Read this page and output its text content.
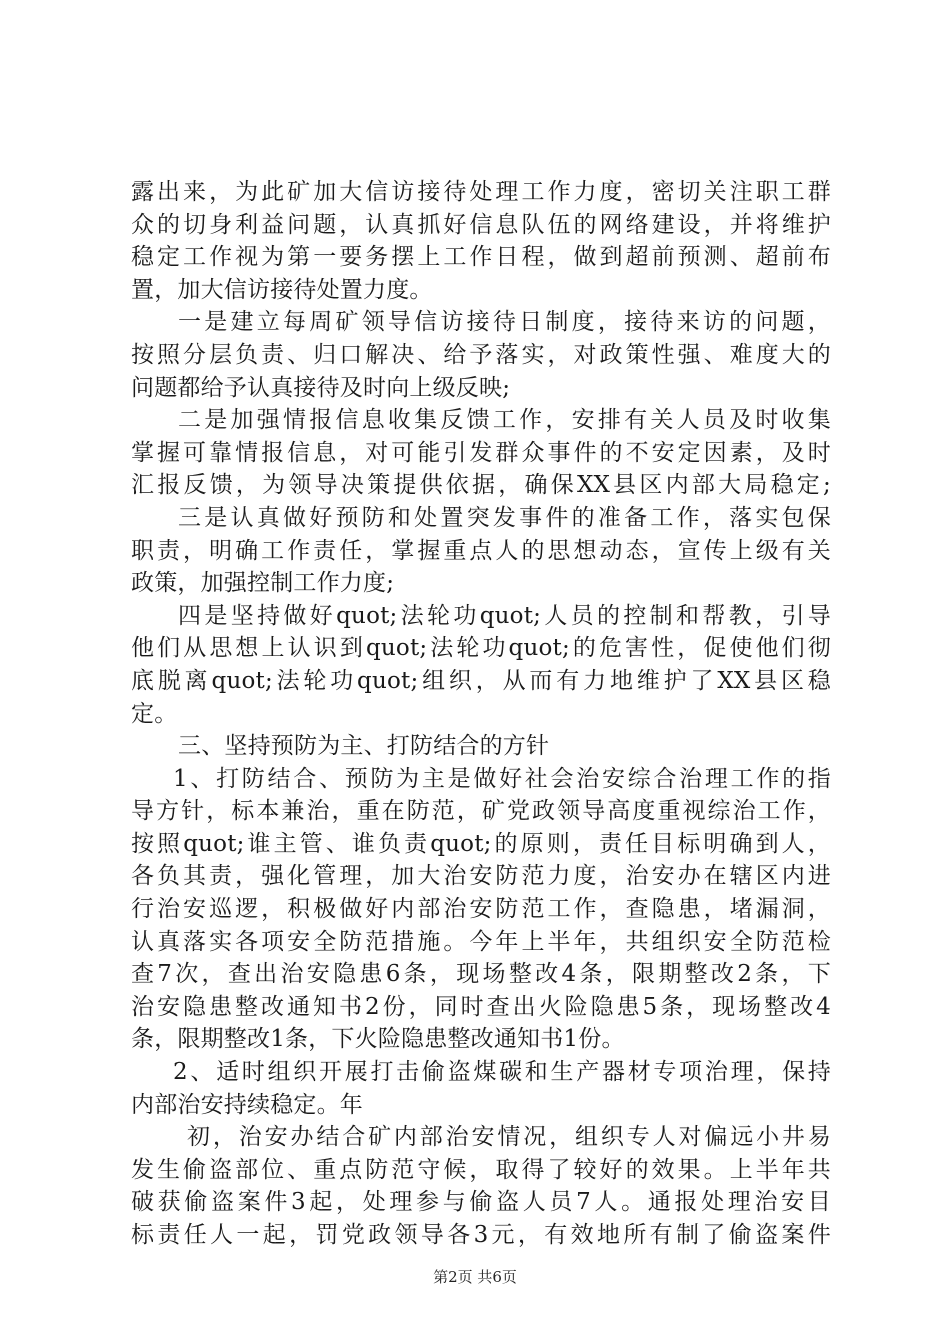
露出来，为此矿加大信访接待处理工作力度，密切关注职工群
众的切身利益问题，认真抓好信息队伍的网络建设，并将维护
稳定工作视为第一要务摆上工作日程，做到超前预测、超前布
置，加大信访接待处置力度。
一是建立每周矿领导信访接待日制度，接待来访的问题，
按照分层负责、归口解决、给予落实，对政策性强、难度大的
问题都给予认真接待及时向上级反映;
二是加强情报信息收集反馈工作，安排有关人员及时收集
掌握可靠情报信息，对可能引发群众事件的不安定因素，及时
汇报反馈，为领导决策提供依据，确保XX县区内部大局稳定;
三是认真做好预防和处置突发事件的准备工作，落实包保
职责，明确工作责任，掌握重点人的思想动态，宣传上级有关
政策，加强控制工作力度;
四是坚持做好quot;法轮功quot;人员的控制和帮教，引导
他们从思想上认识到quot;法轮功quot;的危害性，促使他们彻
底脱离quot;法轮功quot;组织，从而有力地维护了XX县区稳
定。
三、坚持预防为主、打防结合的方针
1、打防结合、预防为主是做好社会治安综合治理工作的指
导方针，标本兼治，重在防范，矿党政领导高度重视综治工作，
按照quot;谁主管、谁负责quot;的原则，责任目标明确到人，
各负其责，强化管理，加大治安防范力度，治安办在辖区内进
行治安巡逻，积极做好内部治安防范工作，查隐患，堵漏洞，
认真落实各项安全防范措施。今年上半年，共组织安全防范检
查7次，查出治安隐患6条，现场整改4条，限期整改2条，下
治安隐患整改通知书2份，同时查出火险隐患5条，现场整改4
条，限期整改1条，下火险隐患整改通知书1份。
2、适时组织开展打击偷盗煤碳和生产器材专项治理，保持
内部治安持续稳定。年
初，治安办结合矿内部治安情况，组织专人对偏远小井易
发生偷盗部位、重点防范守候，取得了较好的效果。上半年共
破获偷盗案件3起，处理参与偷盗人员7人。通报处理治安目
标责任人一起，罚党政领导各3元，有效地所有制了偷盗案件
第2页 共6页
